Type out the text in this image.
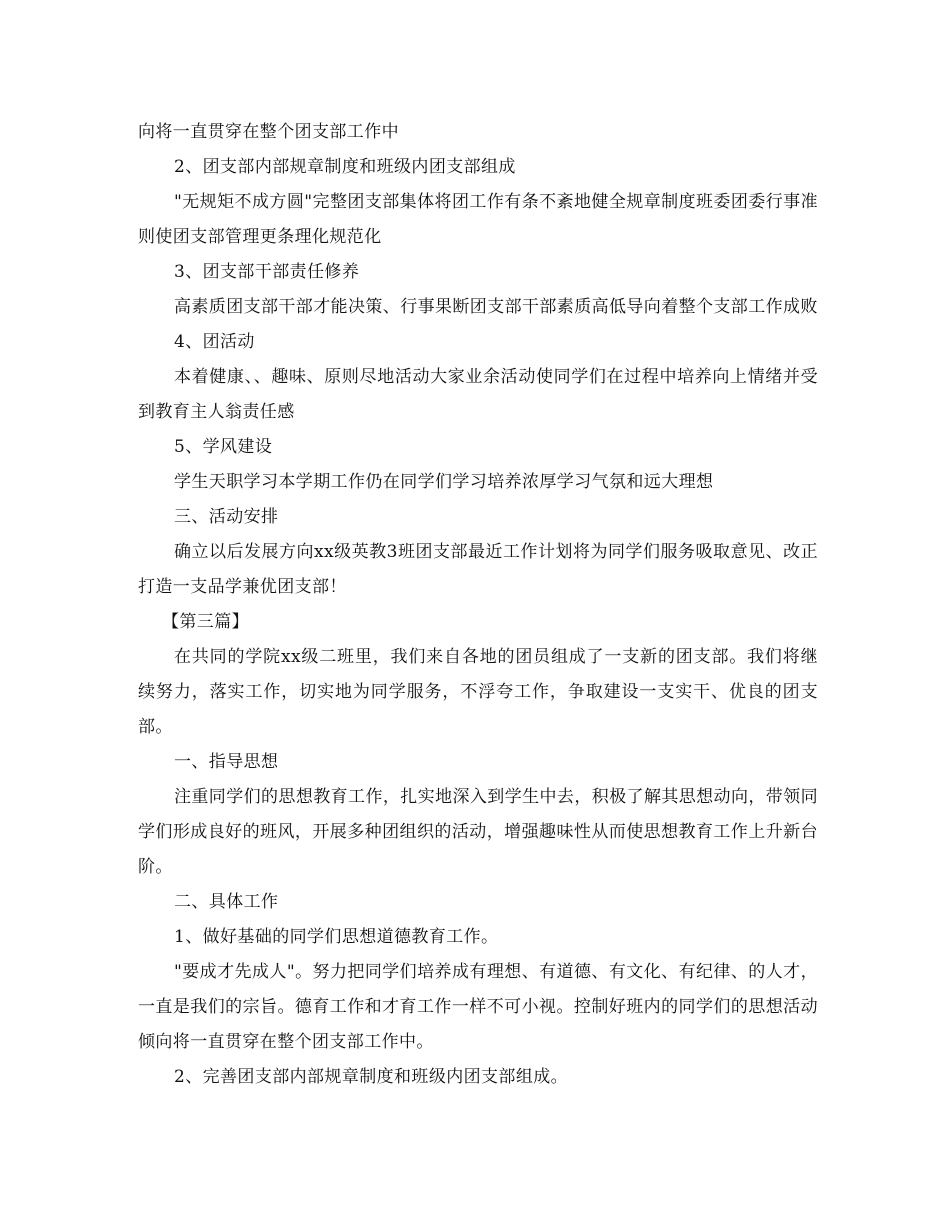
向将一直贯穿在整个团支部工作中

2、团支部内部规章制度和班级内团支部组成

"无规矩不成方圆"完整团支部集体将团工作有条不紊地健全规章制度班委团委行事准则使团支部管理更条理化规范化

3、团支部干部责任修养

高素质团支部干部才能决策、行事果断团支部干部素质高低导向着整个支部工作成败

4、团活动

本着健康、、趣味、原则尽地活动大家业余活动使同学们在过程中培养向上情绪并受到教育主人翁责任感

5、学风建设

学生天职学习本学期工作仍在同学们学习培养浓厚学习气氛和远大理想

三、活动安排

确立以后发展方向xx级英教3班团支部最近工作计划将为同学们服务吸取意见、改正打造一支品学兼优团支部！

【第三篇】

在共同的学院xx级二班里，我们来自各地的团员组成了一支新的团支部。我们将继续努力，落实工作，切实地为同学服务，不浮夸工作，争取建设一支实干、优良的团支部。

一、指导思想

注重同学们的思想教育工作，扎实地深入到学生中去，积极了解其思想动向，带领同学们形成良好的班风，开展多种团组织的活动，增强趣味性从而使思想教育工作上升新台阶。

二、具体工作

1、做好基础的同学们思想道德教育工作。

"要成才先成人"。努力把同学们培养成有理想、有道德、有文化、有纪律、的人才，一直是我们的宗旨。德育工作和才育工作一样不可小视。控制好班内的同学们的思想活动倾向将一直贯穿在整个团支部工作中。

2、完善团支部内部规章制度和班级内团支部组成。
